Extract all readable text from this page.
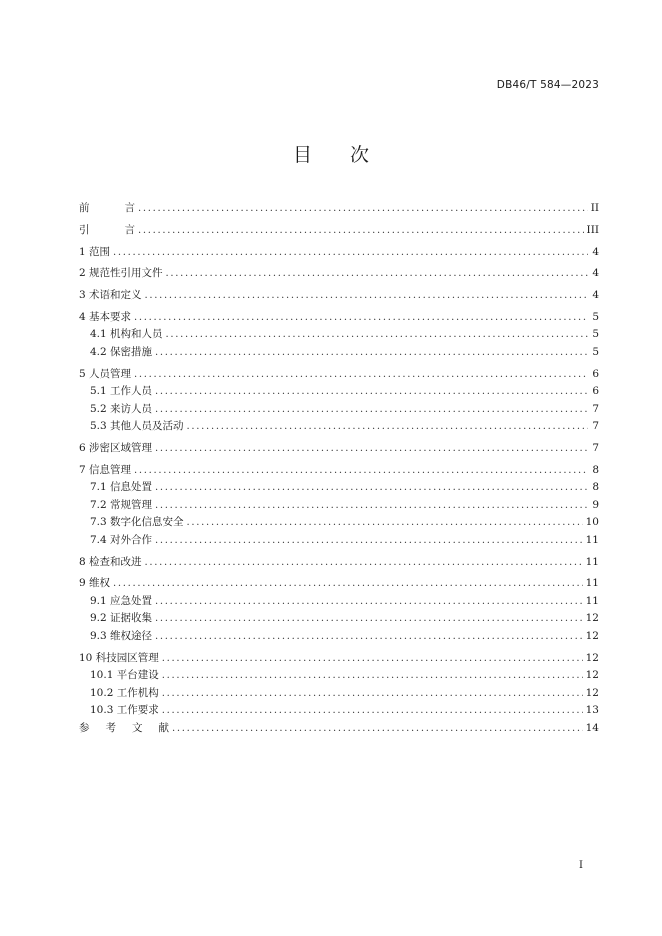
DB46/T 584—2023
目 次
前	言 .....	II
引	言 .....	III
1 范围 .....	4
2 规范性引用文件 .....	4
3 术语和定义 .....	4
4 基本要求 .....	5
4.1 机构和人员 .....	5
4.2 保密措施 .....	5
5 人员管理 .....	6
5.1 工作人员 .....	6
5.2 来访人员 .....	7
5.3 其他人员及活动 .....	7
6 涉密区域管理 .....	7
7 信息管理 .....	8
7.1 信息处置 .....	8
7.2 常规管理 .....	9
7.3 数字化信息安全 .....	10
7.4 对外合作 .....	11
8 检查和改进 .....	11
9 维权 .....	11
9.1 应急处置 .....	11
9.2 证据收集 .....	12
9.3 维权途径 .....	12
10 科技园区管理 .....	12
10.1 平台建设 .....	12
10.2 工作机构 .....	12
10.3 工作要求 .....	13
参 考 文 献 .....	14
I
